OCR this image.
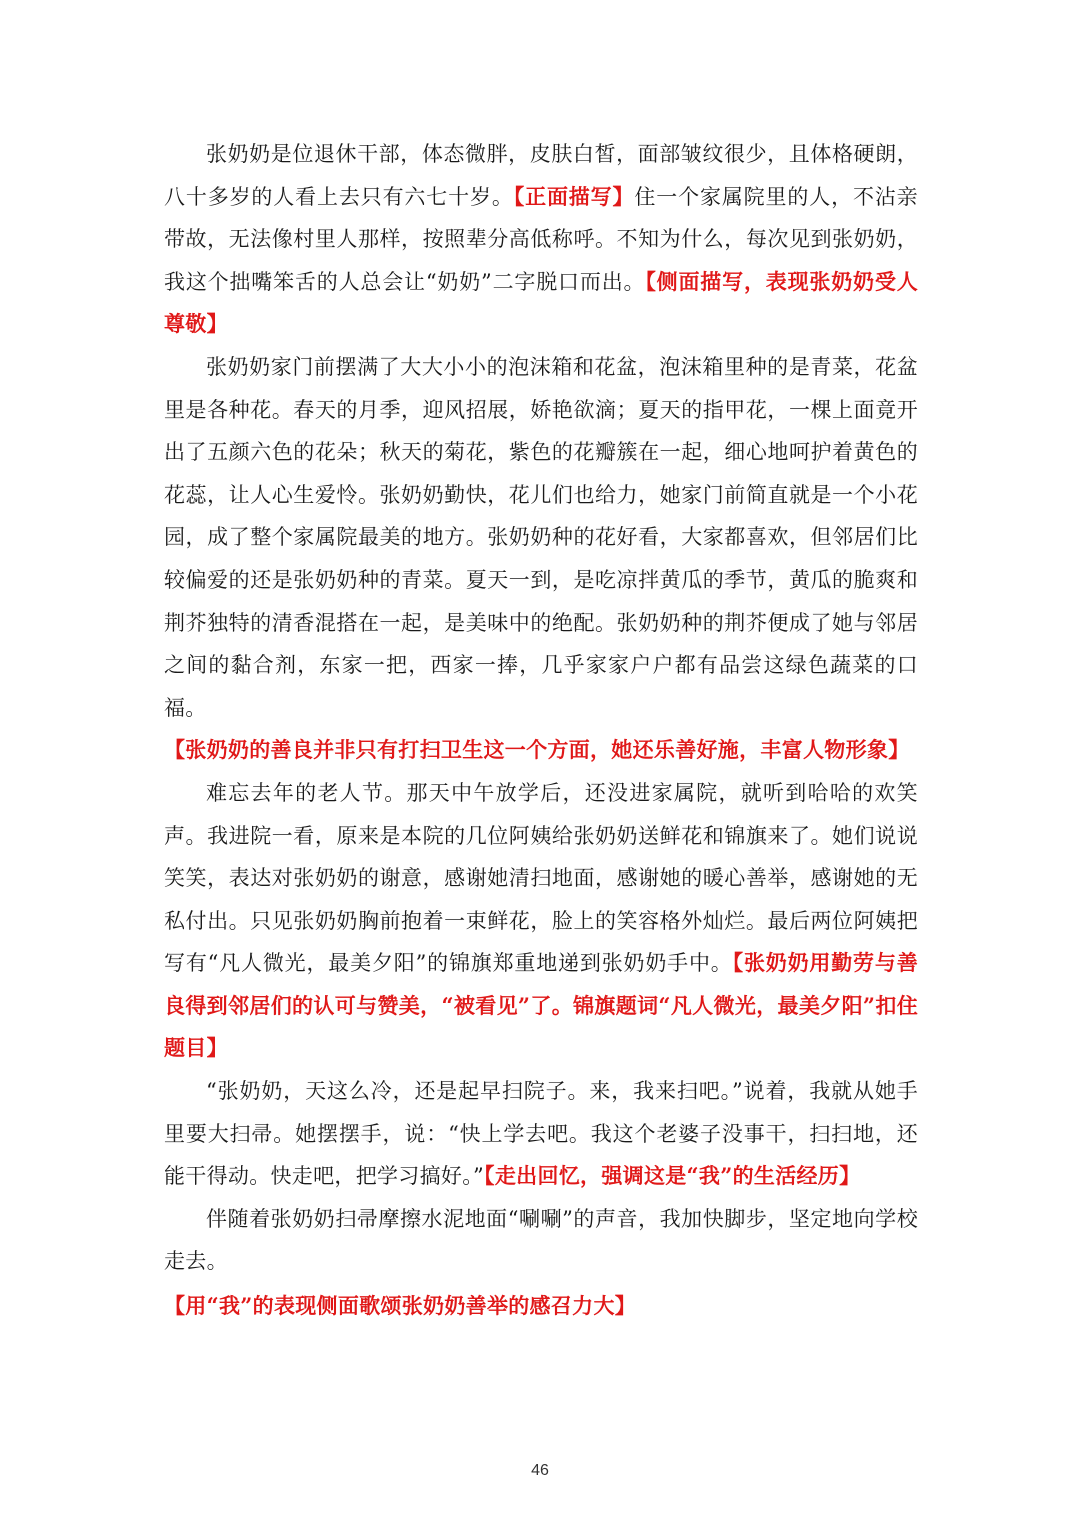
张奶奶是位退休干部，体态微胖，皮肤白皙，面部皱纹很少，且体格硬朗，八十多岁的人看上去只有六七十岁。【正面描写】住一个家属院里的人，不沾亲带故，无法像村里人那样，按照辈分高低称呼。不知为什么，每次见到张奶奶，我这个拙嘴笨舌的人总会让“奶奶”二字脱口而出。【侧面描写，表现张奶奶受人尊敬】

张奶奶家门前摆满了大大小小的泡沫箱和花盆，泡沫箱里种的是青菜，花盆里是各种花。春天的月季，迎风招展，娇艳欲滴；夏天的指甲花，一棵上面竟开出了五颜六色的花朵；秋天的菊花，紫色的花瓣簇在一起，细心地呵护着黄色的花蕊，让人心生爱怜。张奶奶勤快，花儿们也给力，她家门前简直就是一个小花园，成了整个家属院最美的地方。张奶奶种的花好看，大家都喜欢，但邻居们比较偏爱的还是张奶奶种的青菜。夏天一到，是吃凉拌黄瓜的季节，黄瓜的脆爽和荆芥独特的清香混搭在一起，是美味中的绝配。张奶奶种的荆芥便成了她与邻居之间的黏合剂，东家一把，西家一捧，几乎家家户户都有品尝这绿色蔬菜的口福。

【张奶奶的善良并非只有打扫卫生这一个方面，她还乐善好施，丰富人物形象】

难忘去年的老人节。那天中午放学后，还没进家属院，就听到哈哈的欢笑声。我进院一看，原来是本院的几位阿姨给张奶奶送鲜花和锦旗来了。她们说说笑笑，表达对张奶奶的谢意，感谢她清扫地面，感谢她的暖心善举，感谢她的无私付出。只见张奶奶胸前抱着一束鲜花，脸上的笑容格外灿烂。最后两位阿姨把写有“凡人微光，最美夕阳”的锦旗郑重地递到张奶奶手中。【张奶奶用勤劳与善良得到邻居们的认可与赞美，“被看见”了。锦旗题词“凡人微光，最美夕阳”扣住题目】

“张奶奶，天这么冷，还是起早扫院子。来，我来扫吧。”说着，我就从她手里要大扫帚。她摆摆手，说：“快上学去吧。我这个老婆子没事干，扫扫地，还能干得动。快走吧，把学习搞好。”【走出回忆，强调这是“我”的生活经历】

伴随着张奶奶扫帚摩擦水泥地面“唰唰”的声音，我加快脚步，坚定地向学校走去。

【用“我”的表现侧面歌颂张奶奶善举的感召力大】

46
